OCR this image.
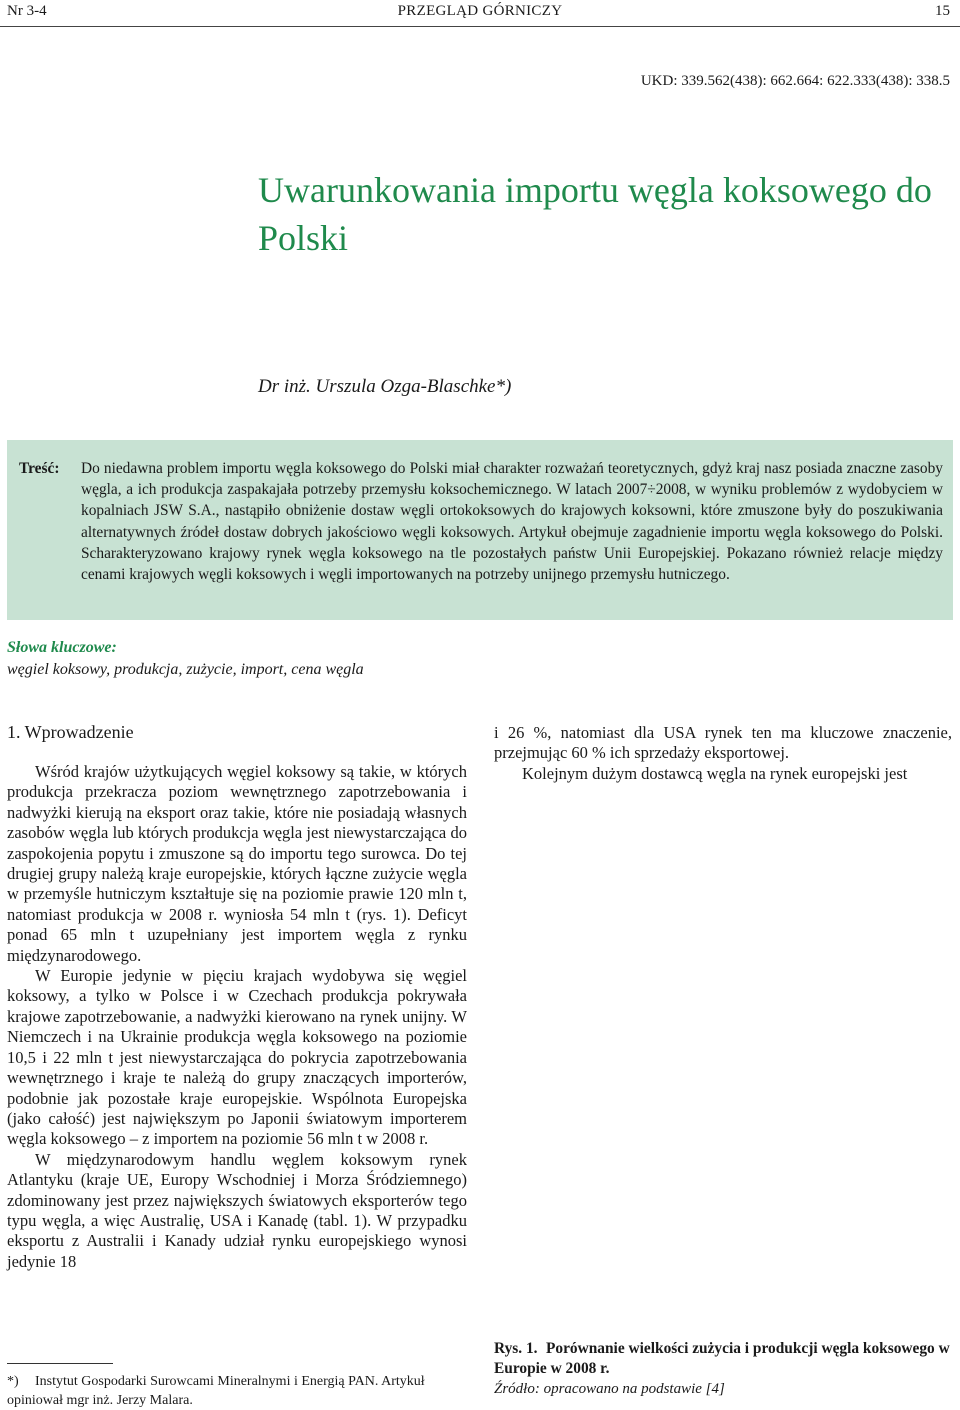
Nr 3-4	PRZEGLĄD GÓRNICZY	15
UKD: 339.562(438): 662.664: 622.333(438): 338.5
Uwarunkowania importu węgla koksowego do Polski
Dr inż. Urszula Ozga-Blaschke*)
Treść: Do niedawna problem importu węgla koksowego do Polski miał charakter rozważań teoretycznych, gdyż kraj nasz posiada znaczne zasoby węgla, a ich produkcja zaspakajała potrzeby przemysłu koksochemicznego. W latach 2007÷2008, w wyniku problemów z wydobyciem w kopalniach JSW S.A., nastąpiło obniżenie dostaw węgli ortokoksowych do krajowych koksowni, które zmuszone były do poszukiwania alternatywnych źródeł dostaw dobrych jakościowo węgli koksowych. Artykuł obejmuje zagadnienie importu węgla koksowego do Polski. Scharakteryzowano krajowy rynek węgla koksowego na tle pozostałych państw Unii Europejskiej. Pokazano również relacje między cenami krajowych węgli koksowych i węgli importowanych na potrzeby unijnego przemysłu hutniczego.
Słowa kluczowe:
węgiel koksowy, produkcja, zużycie, import, cena węgla
1. Wprowadzenie

Wśród krajów użytkujących węgiel koksowy są takie, w których produkcja przekracza poziom wewnętrznego zapotrzebowania i nadwyżki kierują na eksport oraz takie, które nie posiadają własnych zasobów węgla lub których produkcja węgla jest niewystarczająca do zaspokojenia popytu i zmuszone są do importu tego surowca. Do tej drugiej grupy należą kraje europejskie, których łączne zużycie węgla w przemyśle hutniczym kształtuje się na poziomie prawie 120 mln t, natomiast produkcja w 2008 r. wyniosła 54 mln t (rys. 1). Deficyt ponad 65 mln t uzupełniany jest importem węgla z rynku międzynarodowego.

W Europie jedynie w pięciu krajach wydobywa się węgiel koksowy, a tylko w Polsce i w Czechach produkcja pokrywała krajowe zapotrzebowanie, a nadwyżki kierowano na rynek unijny. W Niemczech i na Ukrainie produkcja węgla koksowego na poziomie 10,5 i 22 mln t jest niewystarczająca do pokrycia zapotrzebowania wewnętrznego i kraje te należą do grupy znaczących importerów, podobnie jak pozostałe kraje europejskie. Wspólnota Europejska (jako całość) jest największym po Japonii światowym importerem węgla koksowego – z importem na poziomie 56 mln t w 2008 r.

W międzynarodowym handlu węglem koksowym rynek Atlantyku (kraje UE, Europy Wschodniej i Morza Śródziemnego) zdominowany jest przez największych światowych eksporterów tego typu węgla, a więc Australię, USA i Kanadę (tabl. 1). W przypadku eksportu z Australii i Kanady udział rynku europejskiego wynosi jedynie 18

i 26 %, natomiast dla USA rynek ten ma kluczowe znaczenie, przejmując 60 % ich sprzedaży eksportowej.

Kolejnym dużym dostawcą węgla na rynek europejski jest

Rys. 1. Porównanie wielkości zużycia i produkcji węgla koksowego w Europie w 2008 r.
Źródło: opracowano na podstawie [4]
*) Instytut Gospodarki Surowcami Mineralnymi i Energią PAN. Artykuł opiniował mgr inż. Jerzy Malara.
